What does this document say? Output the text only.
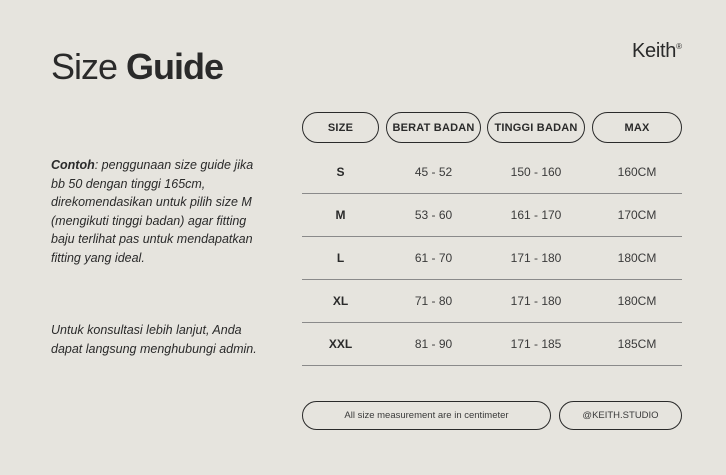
Size Guide	Keith®
Contoh: penggunaan size guide jika bb 50 dengan tinggi 165cm, direkomendasikan untuk pilih size M (mengikuti tinggi badan) agar fitting baju terlihat pas untuk mendapatkan fitting yang ideal.
Untuk konsultasi lebih lanjut, Anda dapat langsung menghubungi admin.
SIZE	BERAT BADAN	TINGGI BADAN	MAX
S	45 - 52	150 - 160	160CM
M	53 - 60	161 - 170	170CM
L	61 - 70	171 - 180	180CM
XL	71 - 80	171 - 180	180CM
XXL	81 - 90	171 - 185	185CM
All size measurement are in centimeter	@KEITH.STUDIO
